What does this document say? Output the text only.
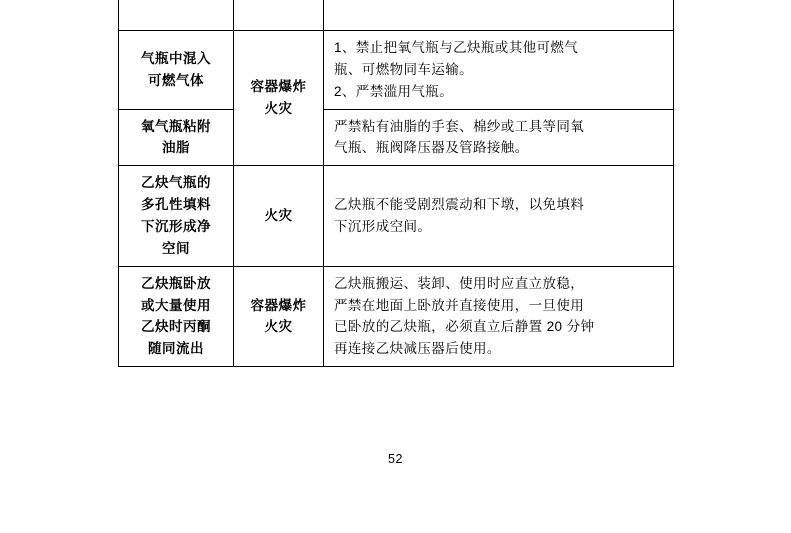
气瓶中混入
可燃气体	容器爆炸
火灾	1、禁止把氧气瓶与乙炔瓶或其他可燃气
瓶、可燃物同车运输。
2、严禁滥用气瓶。

氧气瓶粘附
油脂		严禁粘有油脂的手套、棉纱或工具等同氧
气瓶、瓶阀降压器及管路接触。

乙炔气瓶的
多孔性填料
下沉形成净
空间	火灾	乙炔瓶不能受剧烈震动和下墩，以免填料
下沉形成空间。

乙炔瓶卧放
或大量使用
乙炔时丙酮
随同流出	容器爆炸
火灾	乙炔瓶搬运、装卸、使用时应直立放稳，
严禁在地面上卧放并直接使用，一旦使用
已卧放的乙炔瓶，必须直立后静置 20 分钟
再连接乙炔减压器后使用。
52
